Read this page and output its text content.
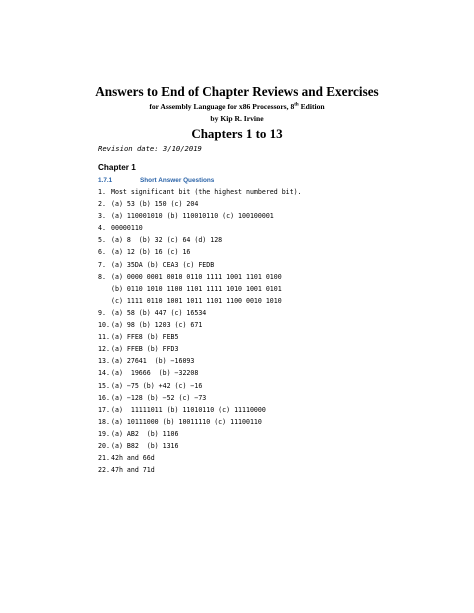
Answers to End of Chapter Reviews and Exercises
for Assembly Language for x86 Processors, 8th Edition
by Kip R. Irvine
Chapters 1 to 13
Revision date: 3/10/2019
Chapter 1
1.7.1	Short Answer Questions
1. Most significant bit (the highest numbered bit).
2. (a) 53 (b) 150 (c) 204
3. (a) 110001010 (b) 110010110 (c) 100100001
4. 00000110
5. (a) 8  (b) 32 (c) 64 (d) 128
6. (a) 12 (b) 16 (c) 16
7. (a) 35DA (b) CEA3 (c) FEDB
8. (a) 0000 0001 0010 0110 1111 1001 1101 0100
(b) 0110 1010 1100 1101 1111 1010 1001 0101
(c) 1111 0110 1001 1011 1101 1100 0010 1010
9. (a) 58 (b) 447 (c) 16534
10.(a) 98 (b) 1203 (c) 671
11.(a) FFE8 (b) FEB5
12.(a) FFEB (b) FFD3
13.(a) 27641  (b) −16093
14.(a)  19666  (b) −32208
15.(a) −75 (b) +42 (c) −16
16.(a) −128 (b) −52 (c) −73
17.(a)  11111011 (b) 11010110 (c) 11110000
18.(a) 10111000 (b) 10011110 (c) 11100110
19.(a) AB2  (b) 1106
20.(a) B82  (b) 1316
21.42h and 66d
22.47h and 71d
